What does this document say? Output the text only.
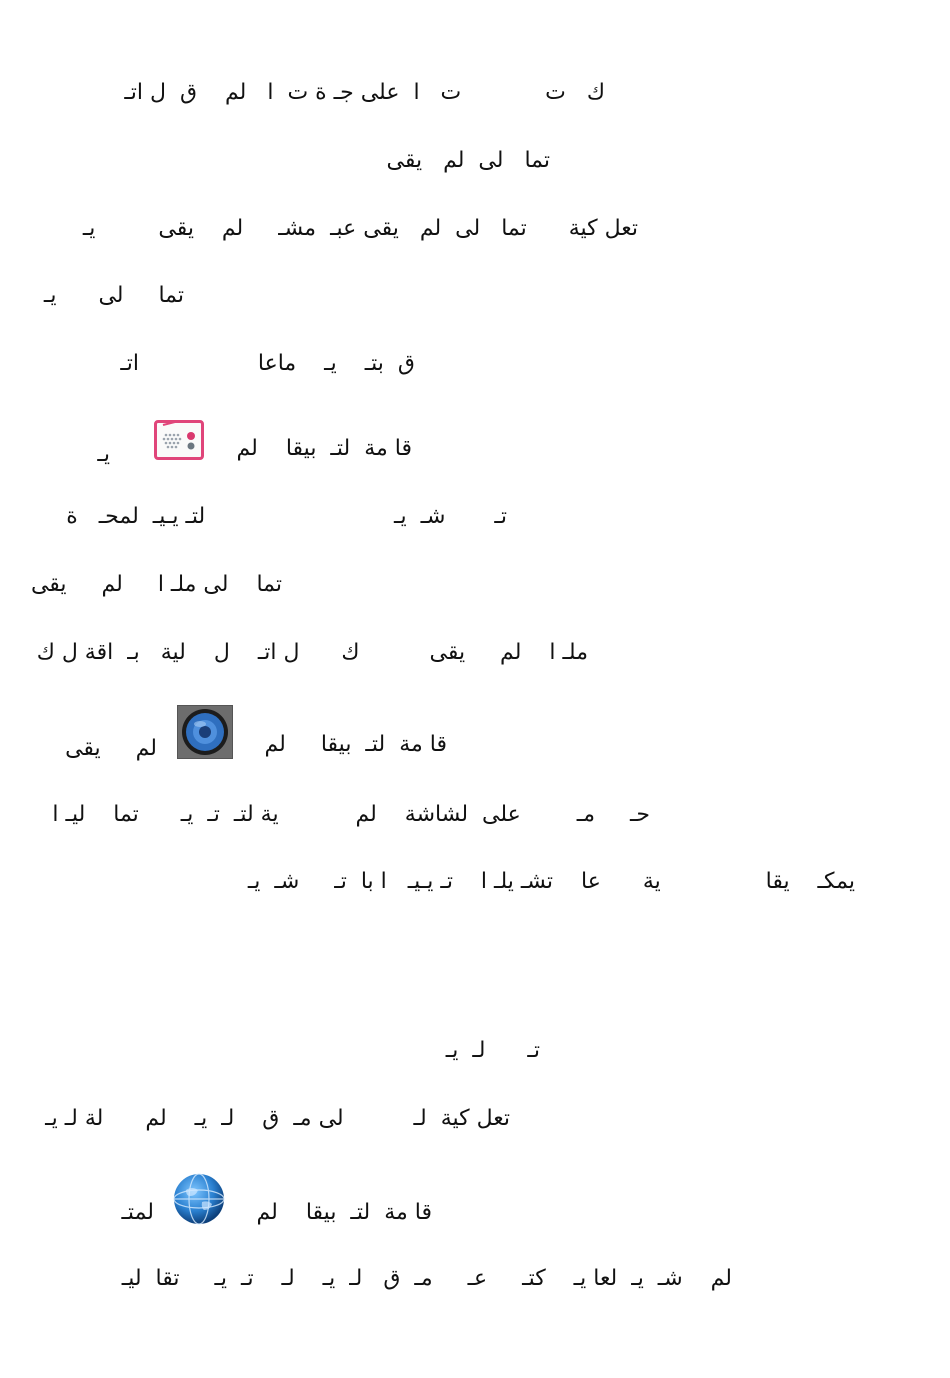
ك   ت            ت   ا  على جـ ة ت  ا   لم    ق  ل اتـ
تما   لى  لم   يقى
تعل كية      تما   لى  لم   يقى عبـ  مشـ     لم    يقى         يـ
تما     لى      يـ
ق  بتـ    يـ    ماعا                 اتـ
قا مة  لتـ  بيقا    لم
يـ
تـ       شـ  يـ                           لتـ يـيـ  لمحـ   ة
تما    لى ملـ ا     لم     يقى
ملـ ا    لم     يقى          ك      ل اتـ    ل    لية   بـ  اقة ل ك
قا مة  لتـ  بيقا     لم
لم     يقى
حـ     مـ        على  لشاشة    لم           ية لتـ  تـ  يـ      تما    ليـ ا
يمكـ    يقا               ية      عا    تشـ يلـ ا    تـ يـيـ   ا با  تـ     شـ  يـ
تـ      لـ  يـ
تعل كية  لـ          لى مـ  ق    لـ  يـ    لم      لة لـ يـ
قا مة  لتـ  بيقا    لم
لمتـ
لم    شـ  يـ  لعا يـ    كتـ     عـ     مـ  ق   لـ  يـ    لـ    تـ  يـ     تقا  ليـ
